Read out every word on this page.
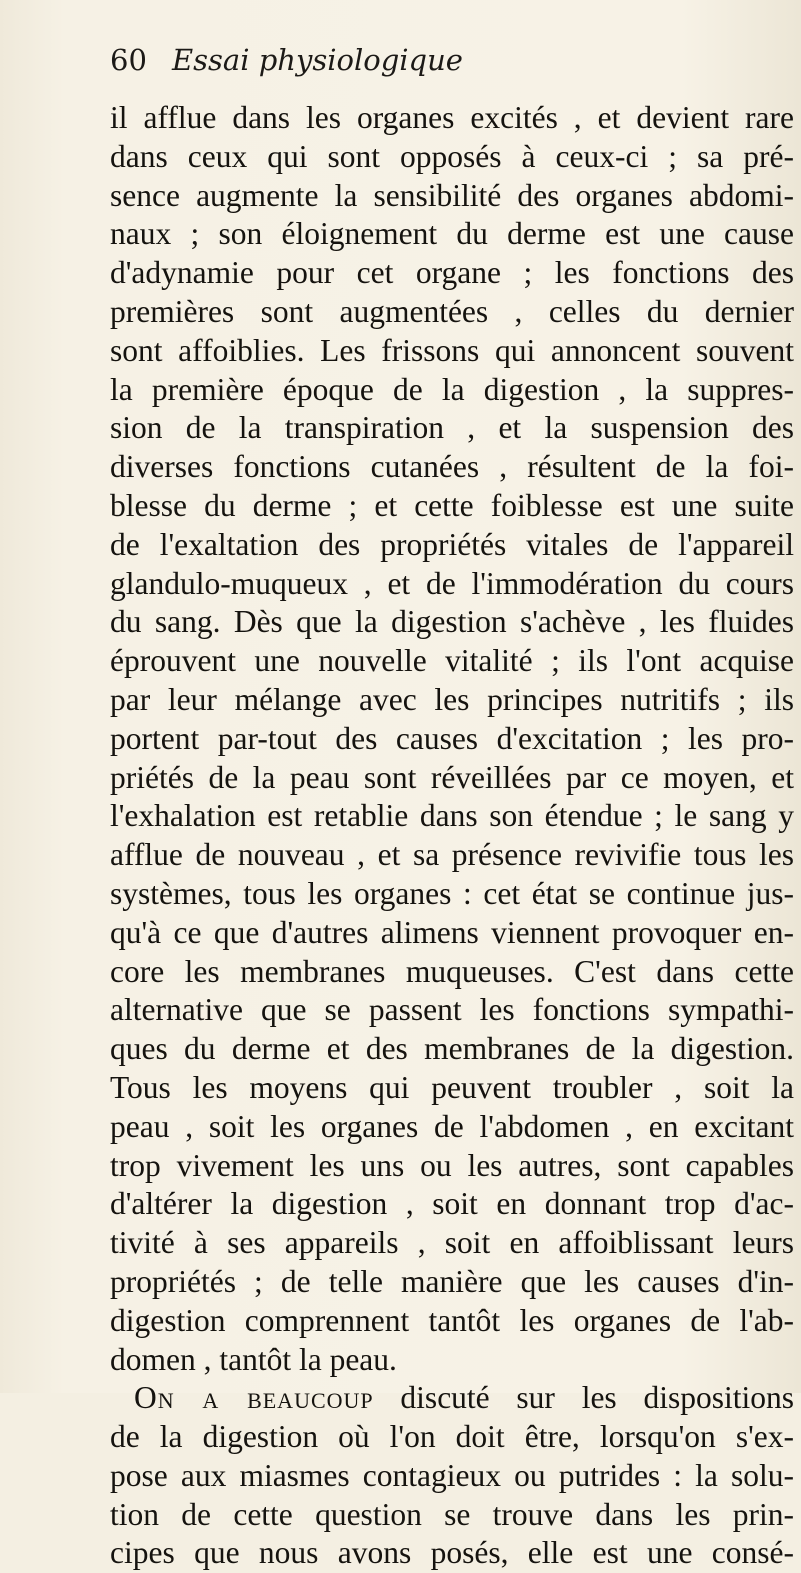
60 Essai physiologique
il afflue dans les organes excités , et devient rare
dans ceux qui sont opposés à ceux-ci ; sa pré-
sence augmente la sensibilité des organes abdomi-
naux ; son éloignement du derme est une cause
d'adynamie pour cet organe ; les fonctions des
premières sont augmentées , celles du dernier
sont affoiblies. Les frissons qui annoncent souvent
la première époque de la digestion , la suppres-
sion de la transpiration , et la suspension des
diverses fonctions cutanées , résultent de la foi-
blesse du derme ; et cette foiblesse est une suite
de l'exaltation des propriétés vitales de l'appareil
glandulo-muqueux , et de l'immodération du cours
du sang. Dès que la digestion s'achève , les fluides
éprouvent une nouvelle vitalité ; ils l'ont acquise
par leur mélange avec les principes nutritifs ; ils
portent par-tout des causes d'excitation ; les pro-
priétés de la peau sont réveillées par ce moyen, et
l'exhalation est retablie dans son étendue ; le sang y
afflue de nouveau , et sa présence revivifie tous les
systèmes, tous les organes : cet état se continue jus-
qu'à ce que d'autres alimens viennent provoquer en-
core les membranes muqueuses. C'est dans cette
alternative que se passent les fonctions sympathi-
ques du derme et des membranes de la digestion.
Tous les moyens qui peuvent troubler , soit la
peau , soit les organes de l'abdomen , en excitant
trop vivement les uns ou les autres, sont capables
d'altérer la digestion , soit en donnant trop d'ac-
tivité à ses appareils , soit en affoiblissant leurs
propriétés ; de telle manière que les causes d'in-
digestion comprennent tantôt les organes de l'ab-
domen , tantôt la peau.
On a beaucoup discuté sur les dispositions
de la digestion où l'on doit être, lorsqu'on s'ex-
pose aux miasmes contagieux ou putrides : la solu-
tion de cette question se trouve dans les prin-
cipes que nous avons posés, elle est une consé-
